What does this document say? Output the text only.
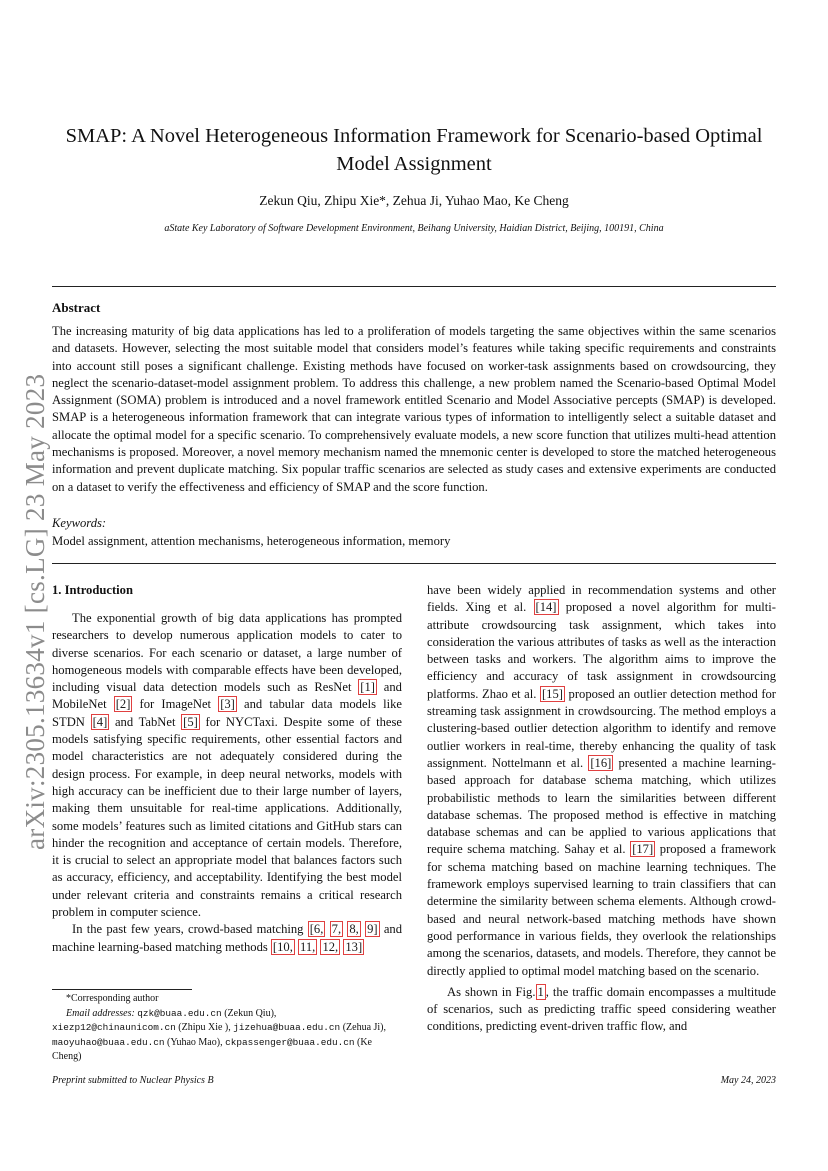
arXiv:2305.13634v1 [cs.LG] 23 May 2023
SMAP: A Novel Heterogeneous Information Framework for Scenario-based Optimal Model Assignment
Zekun Qiu, Zhipu Xie*, Zehua Ji, Yuhao Mao, Ke Cheng
aState Key Laboratory of Software Development Environment, Beihang University, Haidian District, Beijing, 100191, China
Abstract
The increasing maturity of big data applications has led to a proliferation of models targeting the same objectives within the same scenarios and datasets. However, selecting the most suitable model that considers model’s features while taking specific requirements and constraints into account still poses a significant challenge. Existing methods have focused on worker-task assignments based on crowdsourcing, they neglect the scenario-dataset-model assignment problem. To address this challenge, a new problem named the Scenario-based Optimal Model Assignment (SOMA) problem is introduced and a novel framework entitled Scenario and Model Associative percepts (SMAP) is developed. SMAP is a heterogeneous information framework that can integrate various types of information to intelligently select a suitable dataset and allocate the optimal model for a specific scenario. To comprehensively evaluate models, a new score function that utilizes multi-head attention mechanisms is proposed. Moreover, a novel memory mechanism named the mnemonic center is developed to store the matched heterogeneous information and prevent duplicate matching. Six popular traffic scenarios are selected as study cases and extensive experiments are conducted on a dataset to verify the effectiveness and efficiency of SMAP and the score function.
Keywords:
Model assignment, attention mechanisms, heterogeneous information, memory
1. Introduction

The exponential growth of big data applications has prompted researchers to develop numerous application models to cater to diverse scenarios. For each scenario or dataset, a large number of homogeneous models with comparable effects have been developed, including visual data detection models such as ResNet [1] and MobileNet [2] for ImageNet [3] and tabular data models like STDN [4] and TabNet [5] for NYCTaxi. Despite some of these models satisfying specific requirements, other essential factors and model characteristics are not adequately considered during the design process. For example, in deep neural networks, models with high accuracy can be inefficient due to their large number of layers, making them unsuitable for real-time applications. Additionally, some models’ features such as limited citations and GitHub stars can hinder the recognition and acceptance of certain models. Therefore, it is crucial to select an appropriate model that balances factors such as accuracy, efficiency, and acceptability. Identifying the best model under relevant criteria and constraints remains a critical research problem in computer science.

In the past few years, crowd-based matching [6, 7, 8, 9] and machine learning-based matching methods [10, 11, 12, 13]

have been widely applied in recommendation systems and other fields. Xing et al. [14] proposed a novel algorithm for multi-attribute crowdsourcing task assignment, which takes into consideration the various attributes of tasks as well as the interaction between tasks and workers. The algorithm aims to improve the efficiency and accuracy of task assignment in crowdsourcing platforms. Zhao et al. [15] proposed an outlier detection method for streaming task assignment in crowdsourcing. The method employs a clustering-based outlier detection algorithm to identify and remove outlier workers in real-time, thereby enhancing the quality of task assignment. Nottelmann et al. [16] presented a machine learning-based approach for database schema matching, which utilizes probabilistic methods to learn the similarities between different database schemas. The proposed method is effective in matching database schemas and can be applied to various applications that require schema matching. Sahay et al. [17] proposed a framework for schema matching based on machine learning techniques. The framework employs supervised learning to train classifiers that can determine the similarity between schema elements. Although crowd-based and neural network-based matching methods have shown good performance in various fields, they overlook the relationships among the scenarios, datasets, and models. Therefore, they cannot be directly applied to optimal model matching based on the scenario.

As shown in Fig. 1 , the traffic domain encompasses a multitude of scenarios, such as predicting traffic speed considering weather conditions, predicting event-driven traffic flow, and

*Corresponding author
Email addresses: qzk@buaa.edu.cn (Zekun Qiu),
xiezp12@chinaunicom.cn (Zhipu Xie ), jizehua@buaa.edu.cn (Zehua Ji), maoyuhao@buaa.edu.cn (Yuhao Mao), ckpassenger@buaa.edu.cn (Ke Cheng)
Preprint submitted to Nuclear Physics B	May 24, 2023
